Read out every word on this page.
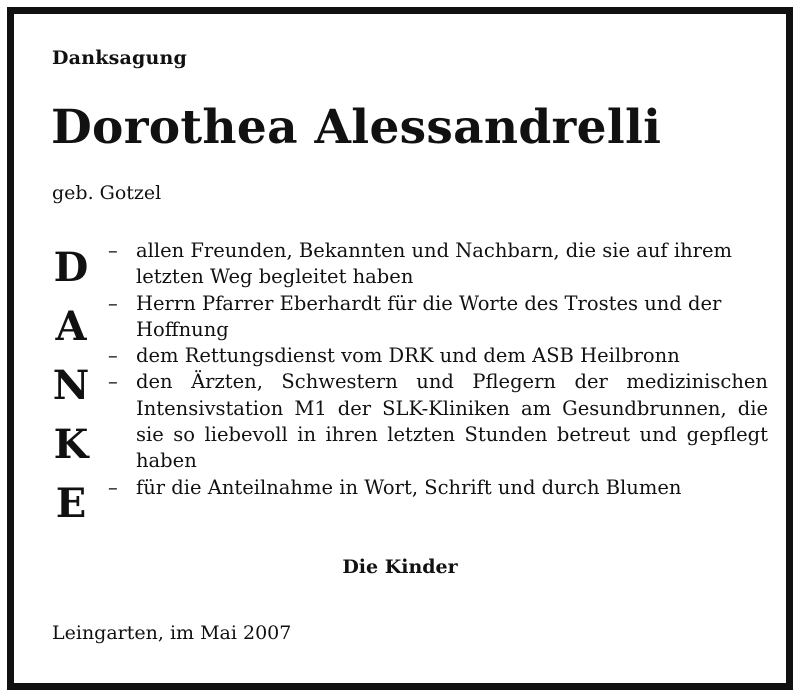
Danksagung
Dorothea Alessandrelli
geb. Gotzel
D
A
N
K
E
– allen Freunden, Bekannten und Nachbarn, die sie auf ihrem letzten Weg begleitet haben
– Herrn Pfarrer Eberhardt für die Worte des Trostes und der Hoffnung
– dem Rettungsdienst vom DRK und dem ASB Heilbronn
– den Ärzten, Schwestern und Pflegern der medizinischen Intensivstation M1 der SLK-Kliniken am Gesundbrunnen, die sie so liebevoll in ihren letzten Stunden betreut und gepflegt haben
– für die Anteilnahme in Wort, Schrift und durch Blumen
Die Kinder
Leingarten, im Mai 2007
